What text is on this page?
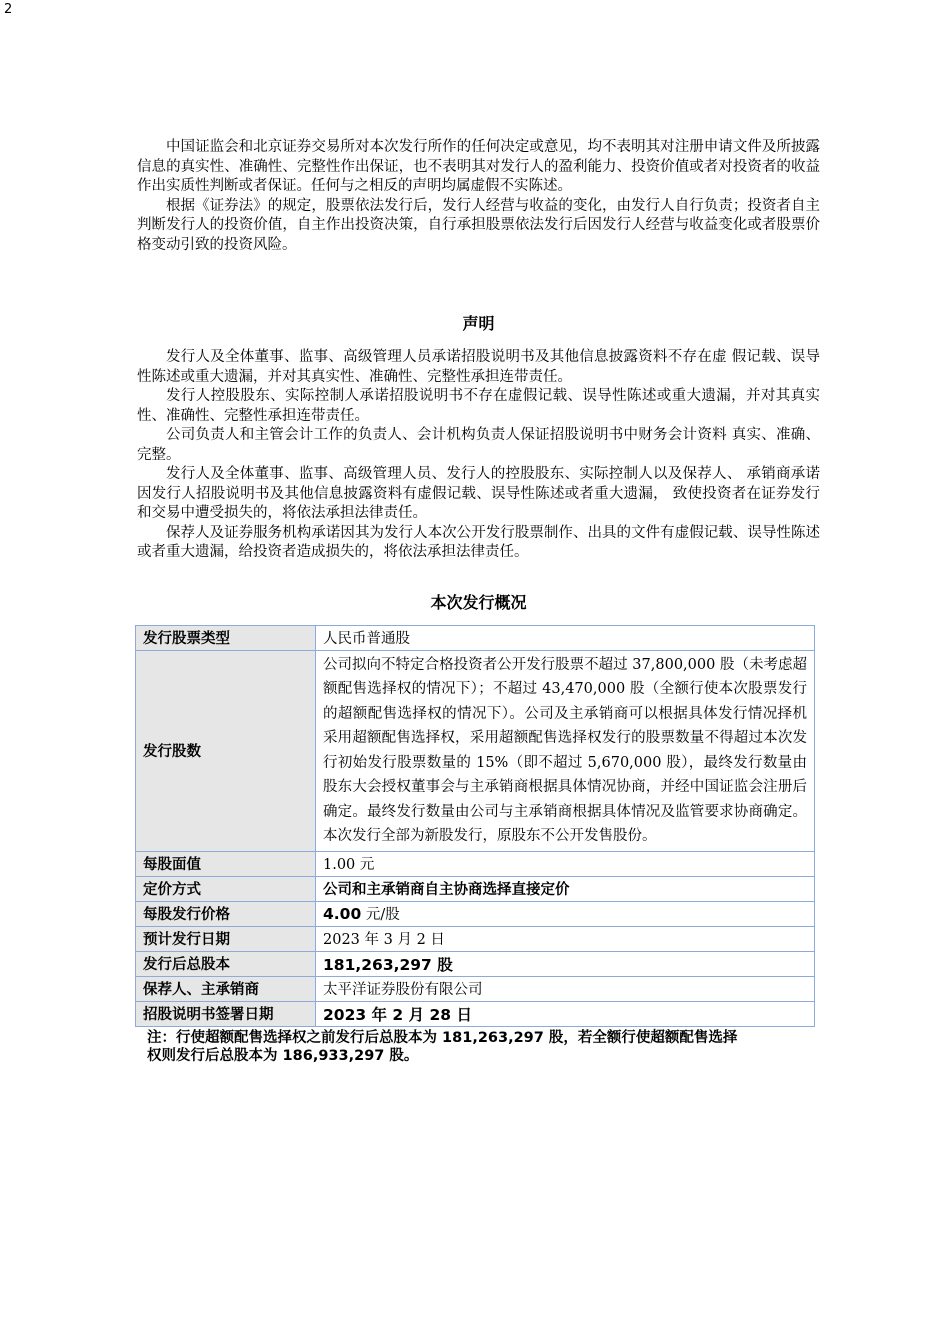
2

中国证监会和北京证券交易所对本次发行所作的任何决定或意见，均不表明其对注册申请文件及所披露信息的真实性、准确性、完整性作出保证，也不表明其对发行人的盈利能力、投资价值或者对投资者的收益作出实质性判断或者保证。任何与之相反的声明均属虚假不实陈述。

根据《证券法》的规定，股票依法发行后，发行人经营与收益的变化，由发行人自行负责；投资者自主判断发行人的投资价值，自主作出投资决策，自行承担股票依法发行后因发行人经营与收益变化或者股票价格变动引致的投资风险。

声明

发行人及全体董事、监事、高级管理人员承诺招股说明书及其他信息披露资料不存在虚 假记载、误导性陈述或重大遗漏，并对其真实性、准确性、完整性承担连带责任。

发行人控股股东、实际控制人承诺招股说明书不存在虚假记载、误导性陈述或重大遗漏，并对其真实性、准确性、完整性承担连带责任。

公司负责人和主管会计工作的负责人、会计机构负责人保证招股说明书中财务会计资料 真实、准确、完整。

发行人及全体董事、监事、高级管理人员、发行人的控股股东、实际控制人以及保荐人、 承销商承诺因发行人招股说明书及其他信息披露资料有虚假记载、误导性陈述或者重大遗漏， 致使投资者在证券发行和交易中遭受损失的，将依法承担法律责任。

保荐人及证券服务机构承诺因其为发行人本次公开发行股票制作、出具的文件有虚假记载、误导性陈述或者重大遗漏，给投资者造成损失的，将依法承担法律责任。

本次发行概况
发行股票类型	人民币普通股
发行股数	公司拟向不特定合格投资者公开发行股票不超过 37,800,000 股（未考虑超额配售选择权的情况下）；不超过 43,470,000 股（全额行使本次股票发行的超额配售选择权的情况下）。公司及主承销商可以根据具体发行情况择机采用超额配售选择权，采用超额配售选择权发行的股票数量不得超过本次发行初始发行股票数量的 15%（即不超过 5,670,000 股），最终发行数量由股东大会授权董事会与主承销商根据具体情况协商，并经中国证监会注册后确定。最终发行数量由公司与主承销商根据具体情况及监管要求协商确定。本次发行全部为新股发行，原股东不公开发售股份。
每股面值	1.00 元
定价方式	公司和主承销商自主协商选择直接定价
每股发行价格	4.00 元/股
预计发行日期	2023 年 3 月 2 日
发行后总股本	181,263,297 股
保荐人、主承销商	太平洋证券股份有限公司
招股说明书签署日期	2023 年 2 月 28 日

注：行使超额配售选择权之前发行后总股本为 181,263,297 股，若全额行使超额配售选择

权则发行后总股本为 186,933,297 股。
